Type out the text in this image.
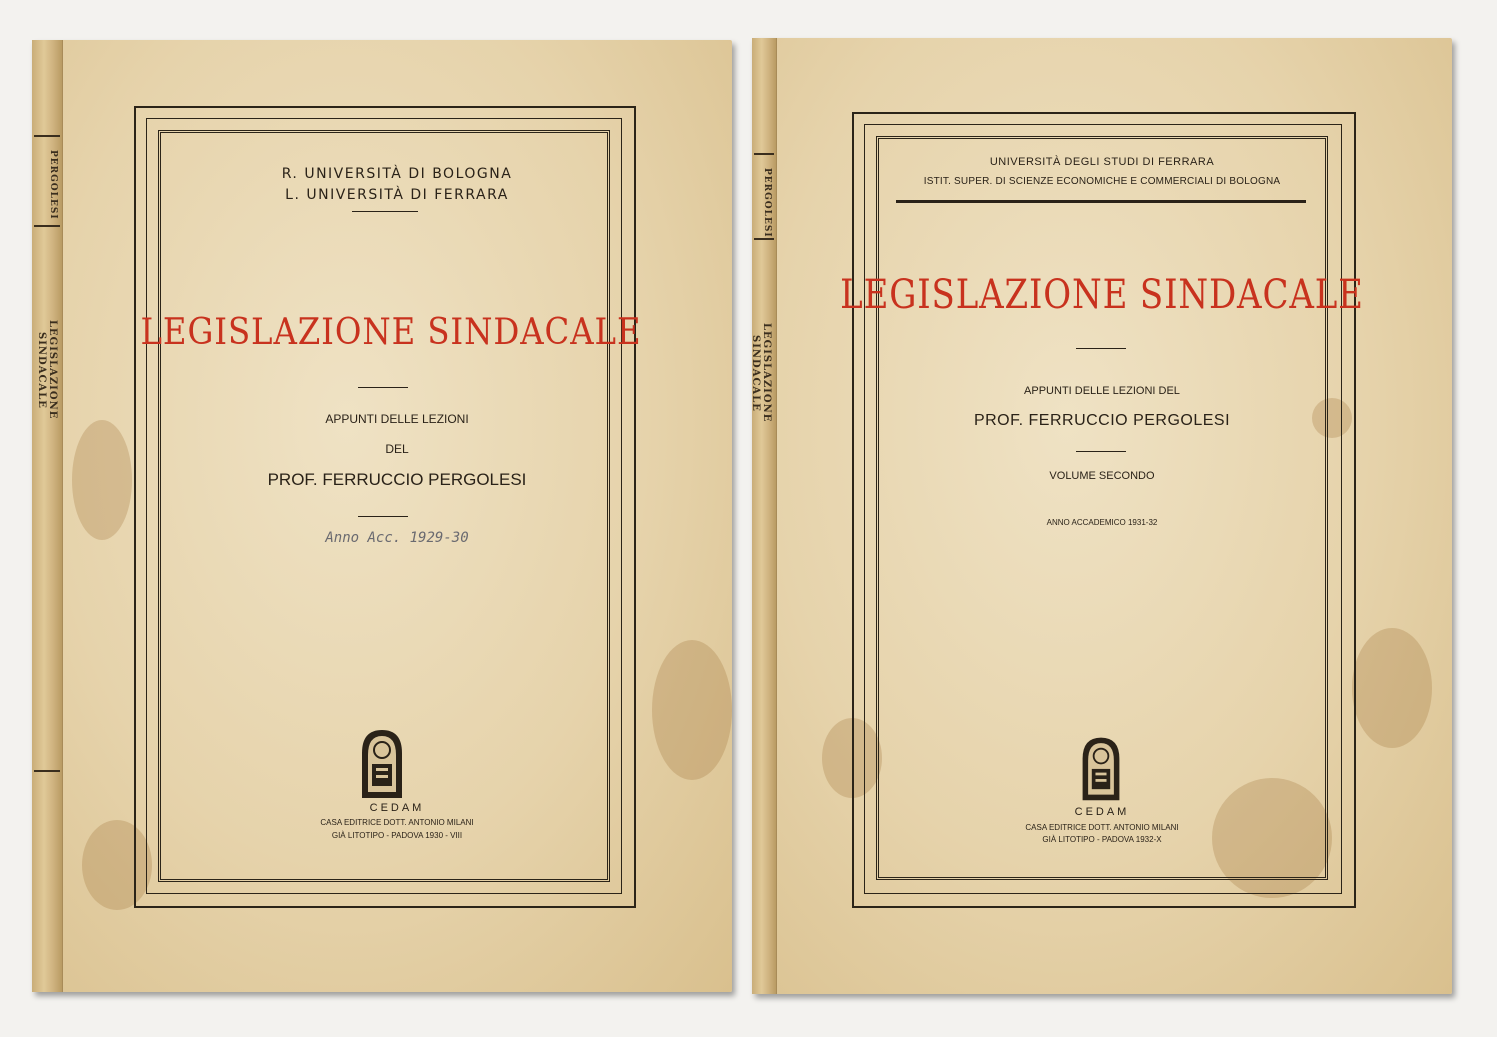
PERGOLESI
LEGISLAZIONE SINDACALE
R. UNIVERSITÀ DI BOLOGNA
L. UNIVERSITÀ DI FERRARA
LEGISLAZIONE SINDACALE
APPUNTI DELLE LEZIONI
DEL
PROF. FERRUCCIO PERGOLESI
Anno Acc. 1929-30
CEDAM
CASA EDITRICE DOTT. ANTONIO MILANI
GIÀ LITOTIPO - PADOVA 1930 - VIII
PERGOLESI
LEGISLAZIONE SINDACALE
UNIVERSITÀ DEGLI STUDI DI FERRARA
ISTIT. SUPER. DI SCIENZE ECONOMICHE E COMMERCIALI DI BOLOGNA
LEGISLAZIONE SINDACALE
APPUNTI DELLE LEZIONI DEL
PROF. FERRUCCIO PERGOLESI
VOLUME SECONDO
ANNO ACCADEMICO 1931-32
CEDAM
CASA EDITRICE DOTT. ANTONIO MILANI
GIÀ LITOTIPO - PADOVA 1932-X
